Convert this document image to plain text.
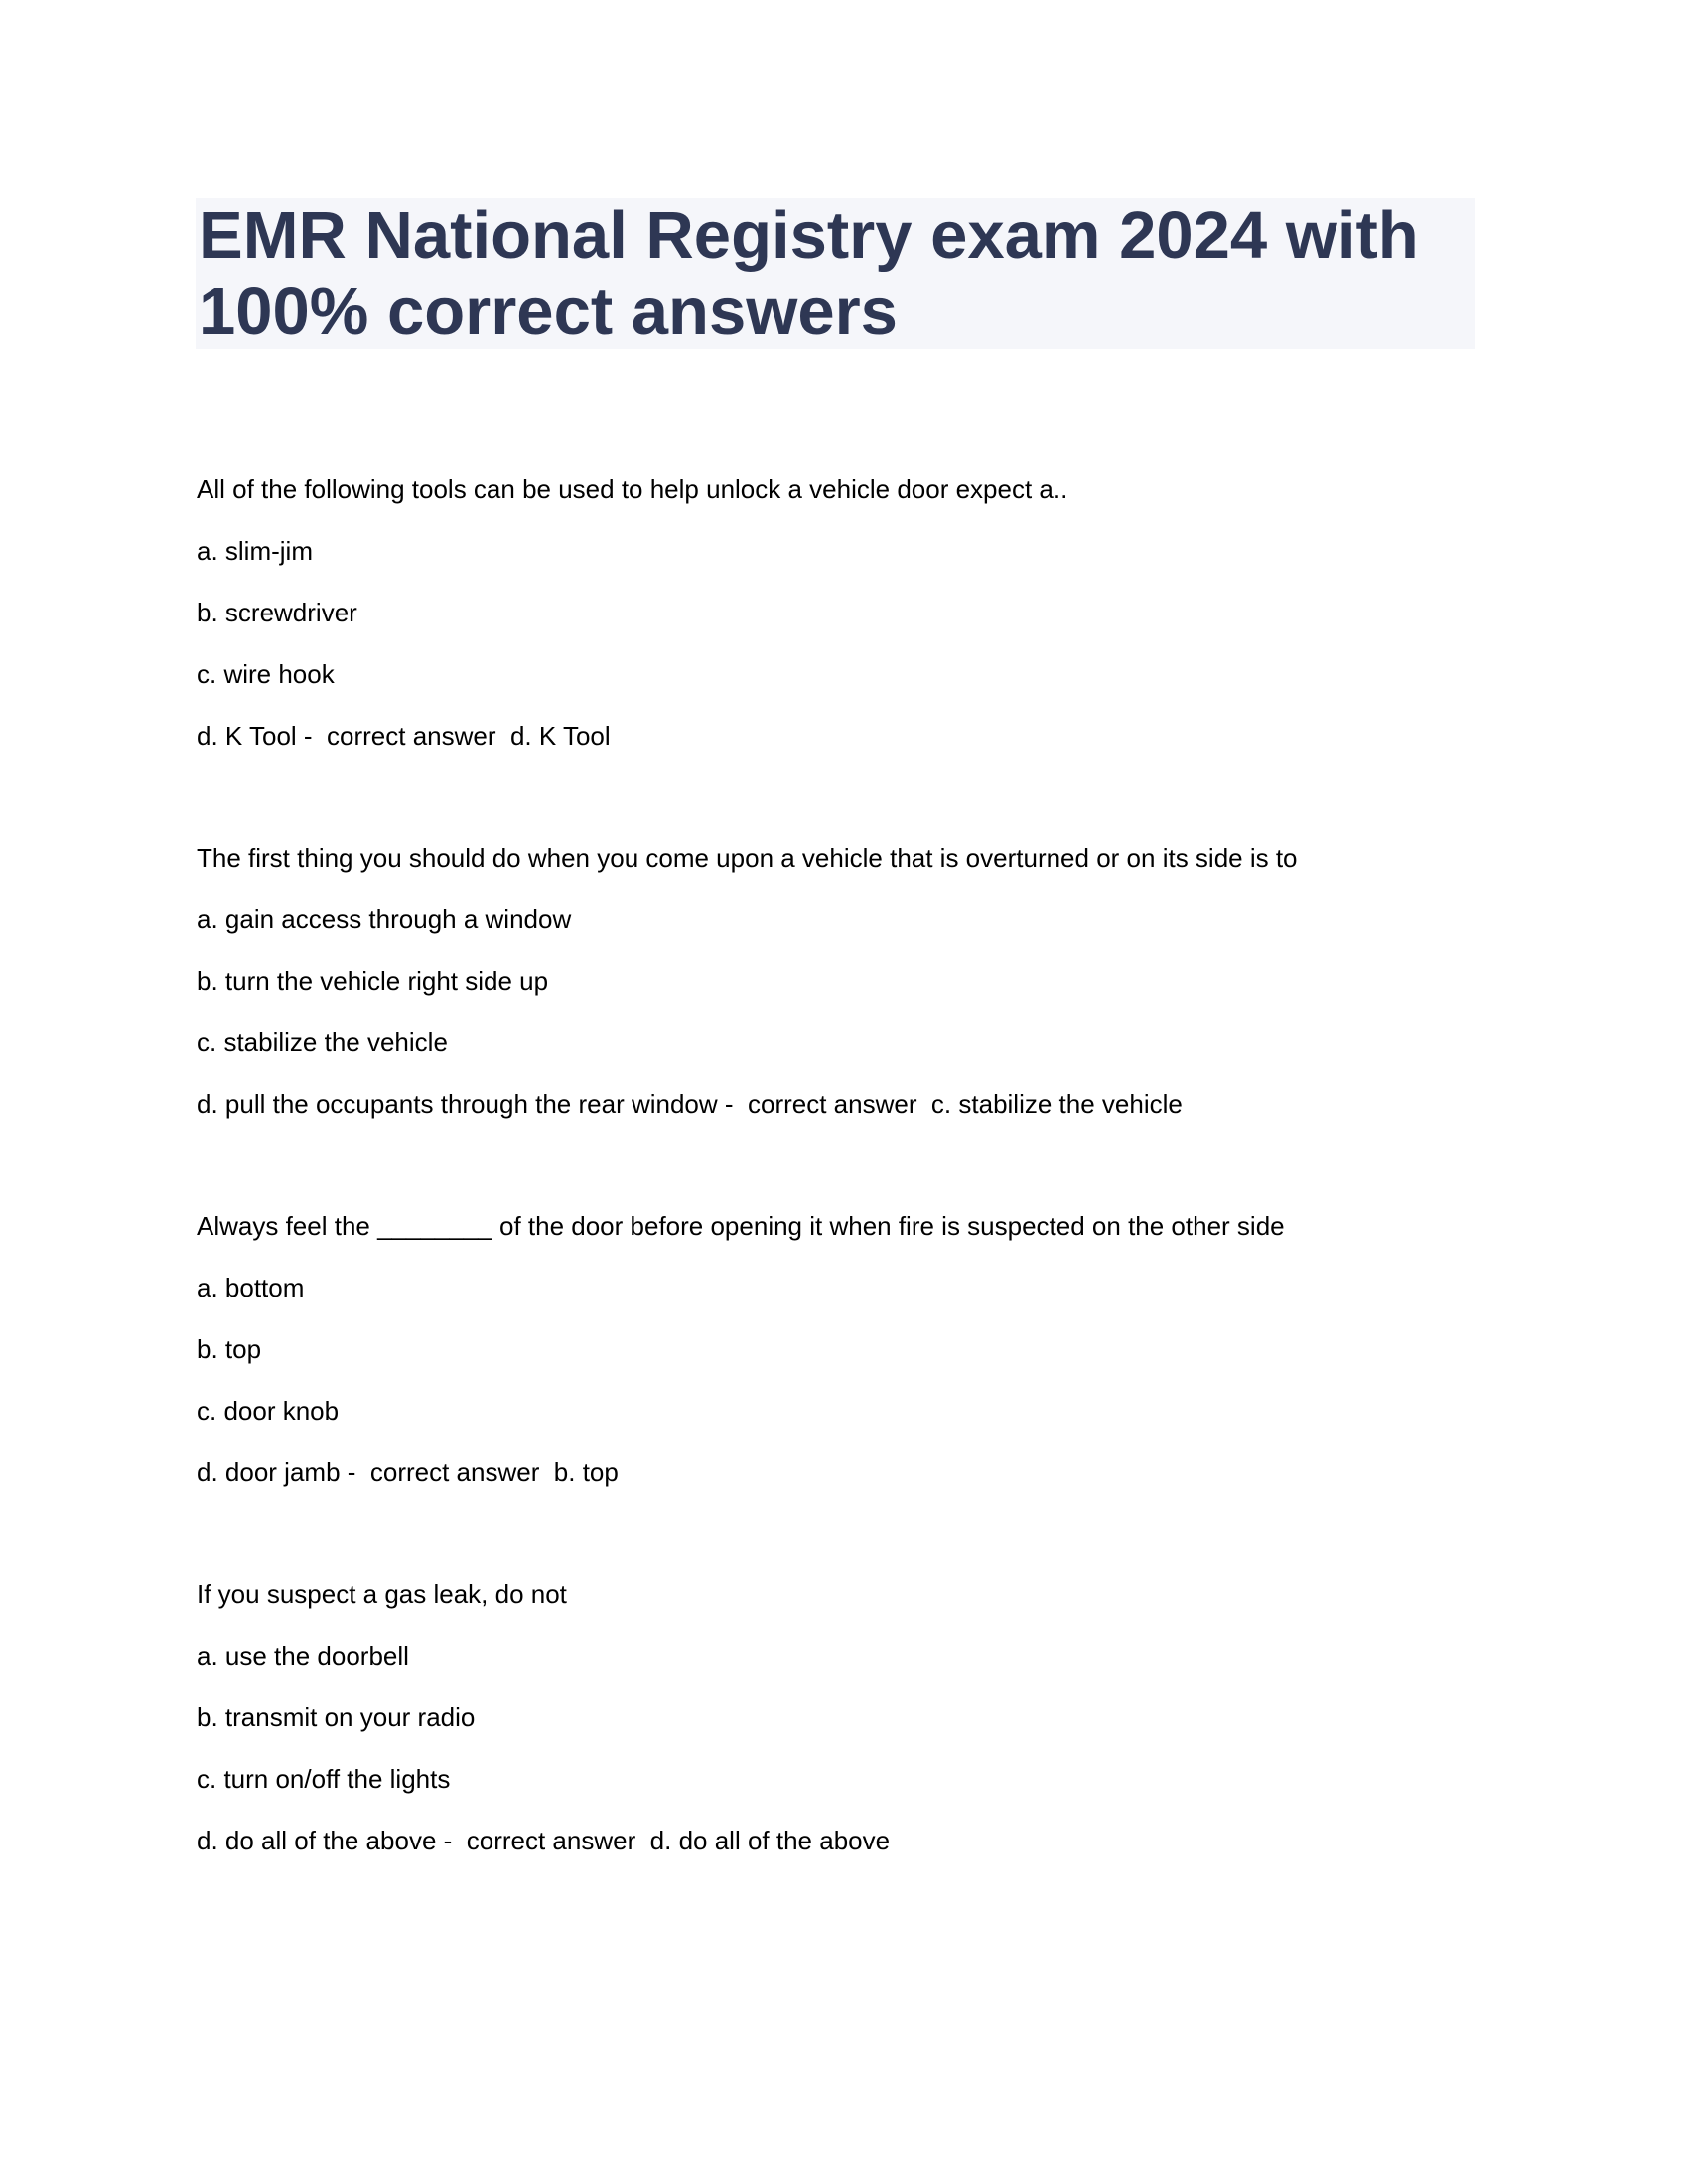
EMR National Registry exam 2024 with
100% correct answers
All of the following tools can be used to help unlock a vehicle door expect a..
a. slim-jim
b. screwdriver
c. wire hook
d. K Tool -  correct answer  d. K Tool
The first thing you should do when you come upon a vehicle that is overturned or on its side is to
a. gain access through a window
b. turn the vehicle right side up
c. stabilize the vehicle
d. pull the occupants through the rear window -  correct answer  c. stabilize the vehicle
Always feel the ________ of the door before opening it when fire is suspected on the other side
a. bottom
b. top
c. door knob
d. door jamb -  correct answer  b. top
If you suspect a gas leak, do not
a. use the doorbell
b. transmit on your radio
c. turn on/off the lights
d. do all of the above -  correct answer  d. do all of the above
